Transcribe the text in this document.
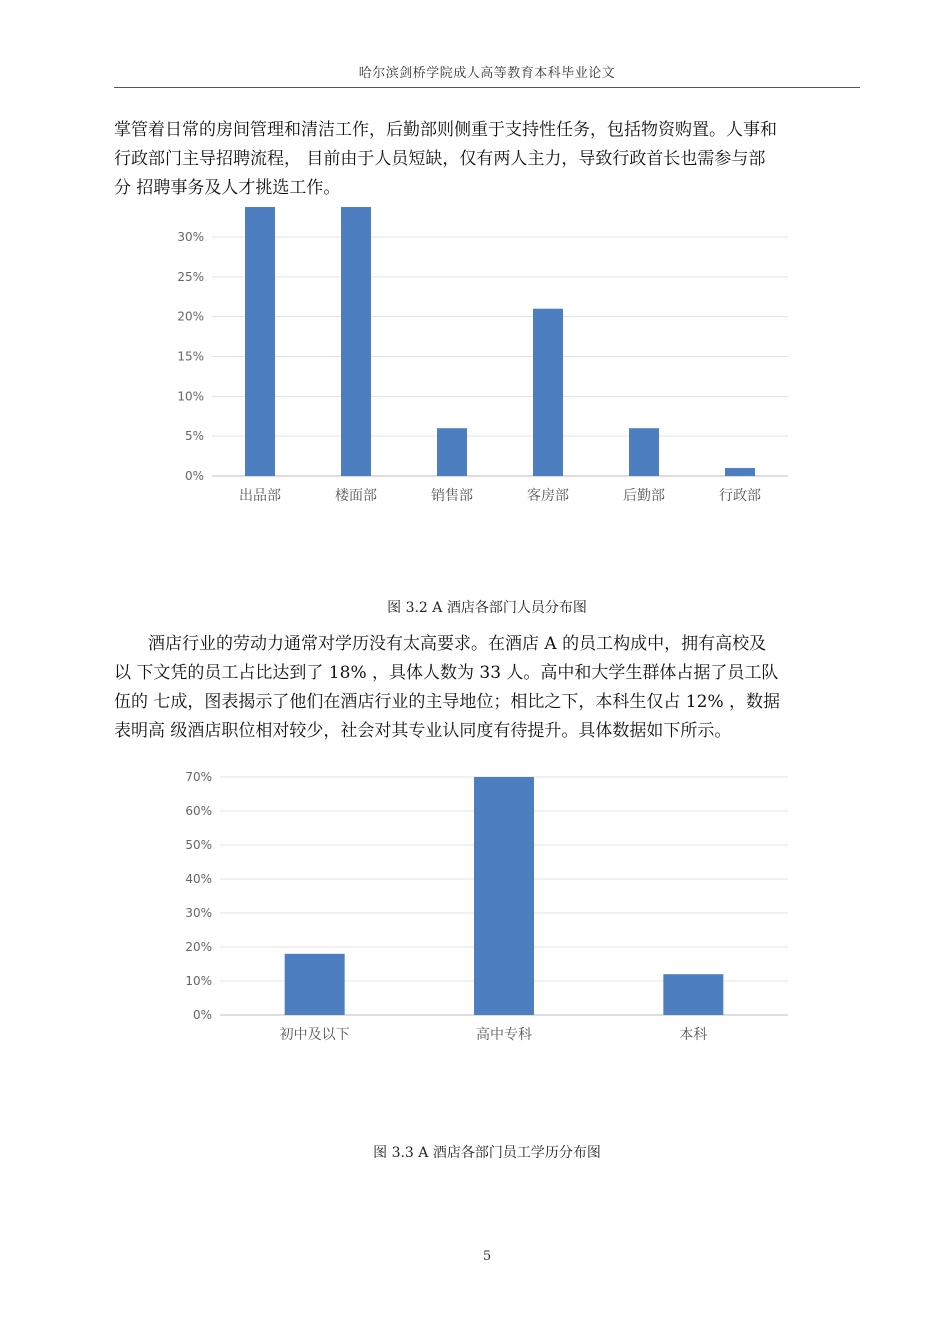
哈尔滨剑桥学院成人高等教育本科毕业论文
掌管着日常的房间管理和清洁工作，后勤部则侧重于支持性任务，包括物资购置。人事和
行政部门主导招聘流程， 目前由于人员短缺，仅有两人主力，导致行政首长也需参与部
分 招聘事务及人才挑选工作。
0%
5%
10%
15%
20%
25%
30%
出品部	楼面部	销售部	客房部	后勤部	行政部
图 3.2 A 酒店各部门人员分布图
酒店行业的劳动力通常对学历没有太高要求。在酒店 A 的员工构成中，拥有高校及
以 下文凭的员工占比达到了 18% ，具体人数为 33 人。高中和大学生群体占据了员工队
伍的 七成，图表揭示了他们在酒店行业的主导地位；相比之下，本科生仅占 12% ，数据
表明高 级酒店职位相对较少，社会对其专业认同度有待提升。具体数据如下所示。
0%
10%
20%
30%
40%
50%
60%
70%
初中及以下	高中专科	本科
图 3.3 A 酒店各部门员工学历分布图
5
